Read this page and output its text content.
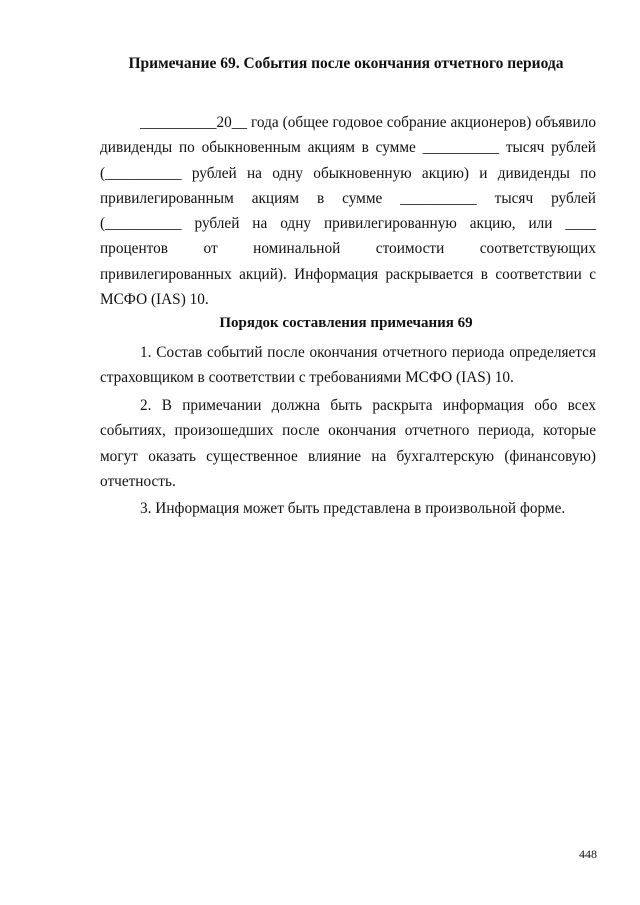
Примечание 69. События после окончания отчетного периода

__________20__ года (общее годовое собрание акционеров) объявило дивиденды по обыкновенным акциям в сумме __________ тысяч рублей (__________ рублей на одну обыкновенную акцию) и дивиденды по привилегированным акциям в сумме __________ тысяч рублей (__________ рублей на одну привилегированную акцию, или ____ процентов от номинальной стоимости соответствующих привилегированных акций). Информация раскрывается в соответствии с МСФО (IAS) 10.

Порядок составления примечания 69

1. Состав событий после окончания отчетного периода определяется страховщиком в соответствии с требованиями МСФО (IAS) 10.

2. В примечании должна быть раскрыта информация обо всех событиях, произошедших после окончания отчетного периода, которые могут оказать существенное влияние на бухгалтерскую (финансовую) отчетность.

3. Информация может быть представлена в произвольной форме.

448
